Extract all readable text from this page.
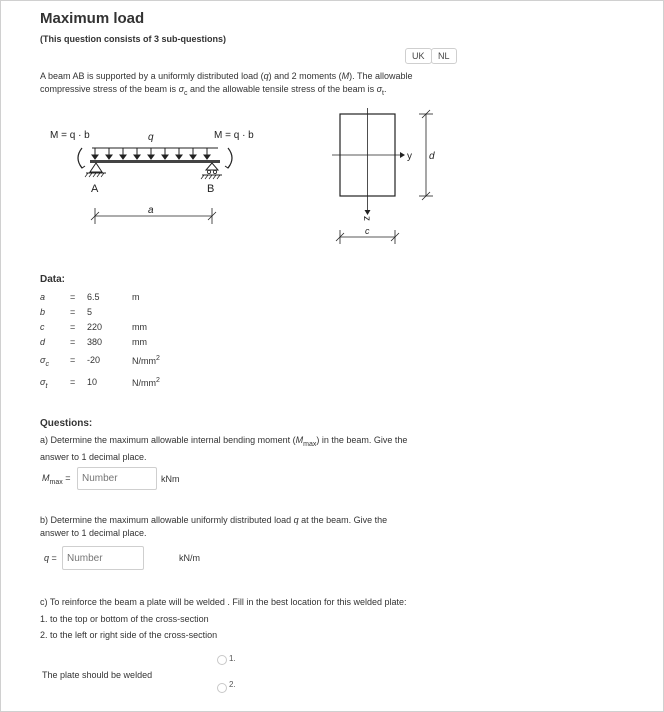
Maximum load
(This question consists of 3 sub-questions)
UK	NL
A beam AB is supported by a uniformly distributed load (q) and 2 moments (M). The allowable
compressive stress of the beam is $\sigma_c$ and the allowable tensile stress of the beam is $\sigma_t$.
M = q · b	q	M = q · b
A	B
a
y
z
d
c
Data:
a	= 6.5	m
b	= 5
c	= 220	mm
d	= 380	mm
$\sigma_c$	= -20	$N/mm^2$
$\sigma_t$	= 10	$N/mm^2$
Questions:
a) Determine the maximum allowable internal bending moment $(M_{max})$ in the beam. Give the
answer to 1 decimal place.
$M_{max}$ =
Number	kNm
b) Determine the maximum allowable uniformly distributed load q at the beam. Give the
answer to 1 decimal place.
q =
Number	kN/m
c) To reinforce the beam a plate will be welded . Fill in the best location for this welded plate:
1. to the top or bottom of the cross-section
2. to the left or right side of the cross-section
The plate should be welded
1.
2.
